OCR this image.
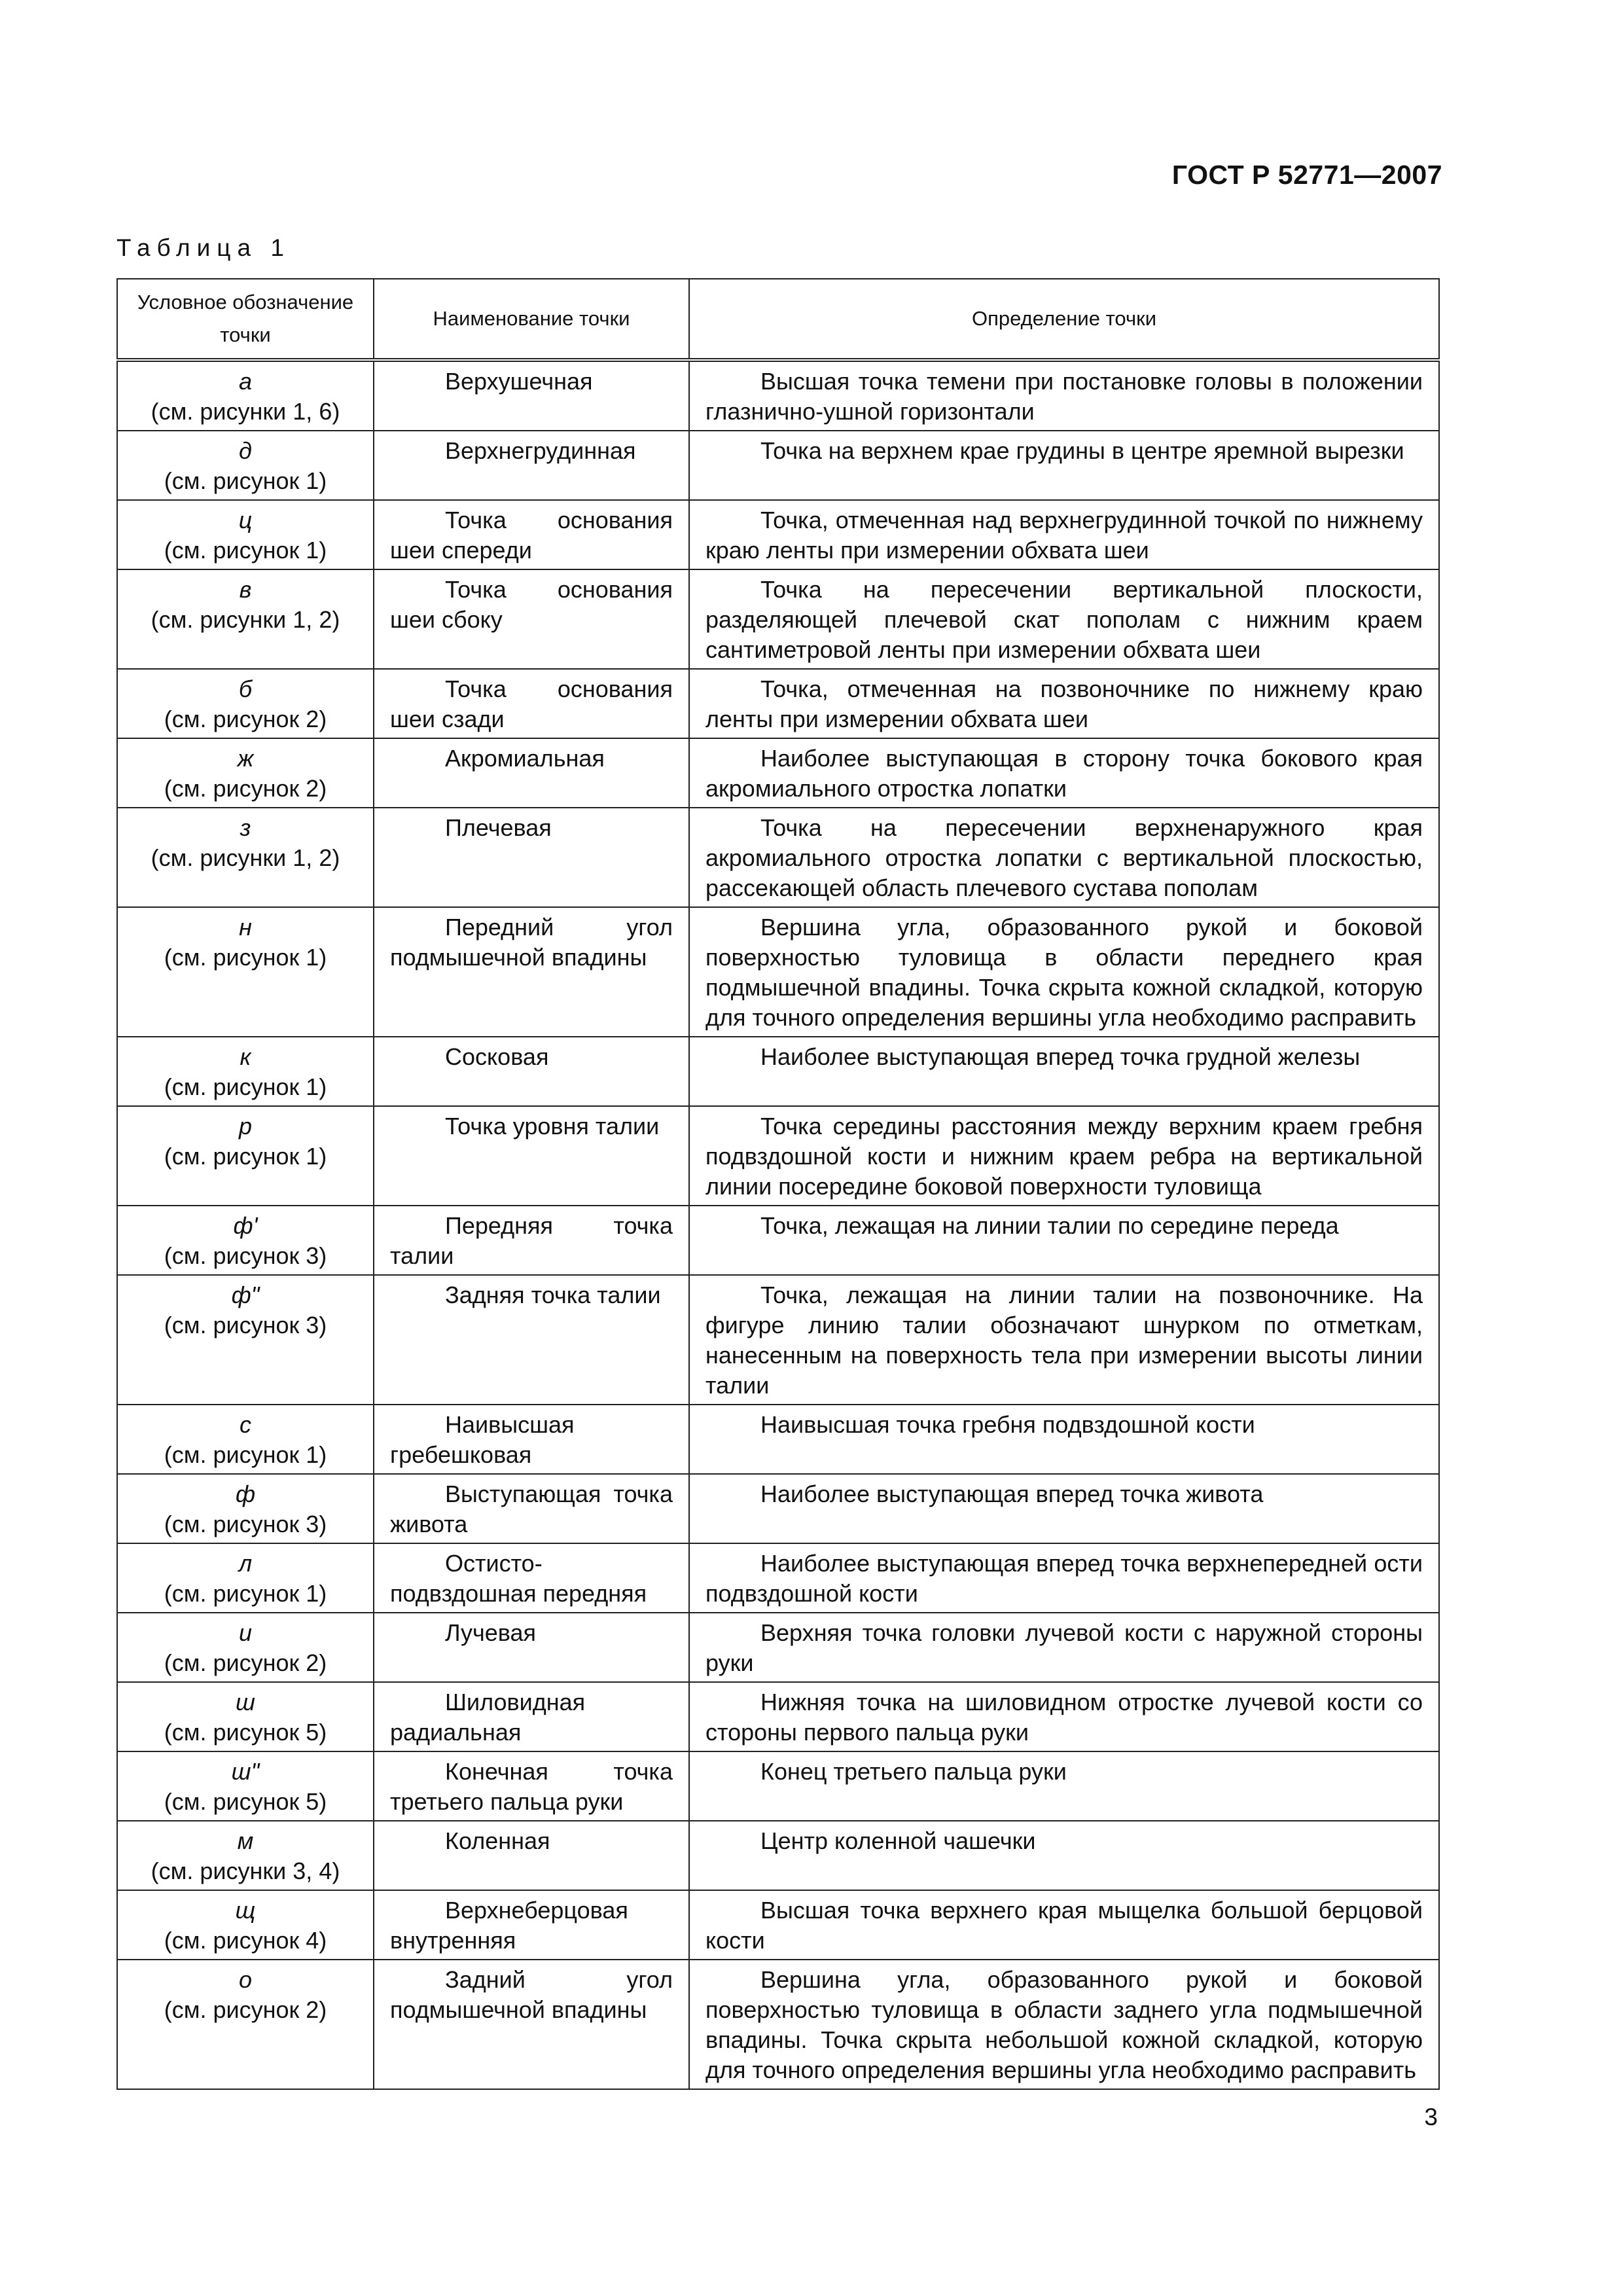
ГОСТ Р 52771—2007
Таблица 1
Условное обозначение точки	Наименование точки	Определение точки

а
(см. рисунки 1, 6)	Верхушечная	Высшая точка темени при постановке головы в положении глазнично-ушной горизонтали

д
(см. рисунок 1)	Верхнегрудинная	Точка на верхнем крае грудины в центре яремной вырезки

ц
(см. рисунок 1)	Точка основания шеи спереди	Точка, отмеченная над верхнегрудинной точкой по нижнему краю ленты при измерении обхвата шеи

в
(см. рисунки 1, 2)	Точка основания шеи сбоку	Точка на пересечении вертикальной плоскости, разделяющей плечевой скат пополам с нижним краем сантиметровой ленты при измерении обхвата шеи

б
(см. рисунок 2)	Точка основания шеи сзади	Точка, отмеченная на позвоночнике по нижнему краю ленты при измерении обхвата шеи

ж
(см. рисунок 2)	Акромиальная	Наиболее выступающая в сторону точка бокового края акромиального отростка лопатки

з
(см. рисунки 1, 2)	Плечевая	Точка на пересечении верхненаружного края акромиального отростка лопатки с вертикальной плоскостью, рассекающей область плечевого сустава пополам

н
(см. рисунок 1)	Передний угол подмышечной впадины	Вершина угла, образованного рукой и боковой поверхностью туловища в области переднего края подмышечной впадины. Точка скрыта кожной складкой, которую для точного определения вершины угла необходимо расправить

к
(см. рисунок 1)	Сосковая	Наиболее выступающая вперед точка грудной железы

р
(см. рисунок 1)	Точка уровня талии	Точка середины расстояния между верхним краем гребня подвздошной кости и нижним краем ребра на вертикальной линии посередине боковой поверхности туловища

ф'
(см. рисунок 3)	Передняя точка талии	Точка, лежащая на линии талии по середине переда

ф"
(см. рисунок 3)	Задняя точка талии	Точка, лежащая на линии талии на позвоночнике. На фигуре линию талии обозначают шнурком по отметкам, нанесенным на поверхность тела при измерении высоты линии талии

с
(см. рисунок 1)	Наивысшая гребешковая	Наивысшая точка гребня подвздошной кости

ф
(см. рисунок 3)	Выступающая точка живота	Наиболее выступающая вперед точка живота

л
(см. рисунок 1)	Остисто-подвздошная передняя	Наиболее выступающая вперед точка верхнепередней ости подвздошной кости

и
(см. рисунок 2)	Лучевая	Верхняя точка головки лучевой кости с наружной стороны руки

ш
(см. рисунок 5)	Шиловидная радиальная	Нижняя точка на шиловидном отростке лучевой кости со стороны первого пальца руки

ш"
(см. рисунок 5)	Конечная точка третьего пальца руки	Конец третьего пальца руки

м
(см. рисунки 3, 4)	Коленная	Центр коленной чашечки

щ
(см. рисунок 4)	Верхнеберцовая внутренняя	Высшая точка верхнего края мыщелка большой берцовой кости

о
(см. рисунок 2)	Задний угол подмышечной впадины	Вершина угла, образованного рукой и боковой поверхностью туловища в области заднего угла подмышечной впадины. Точка скрыта небольшой кожной складкой, которую для точного определения вершины угла необходимо расправить
3
